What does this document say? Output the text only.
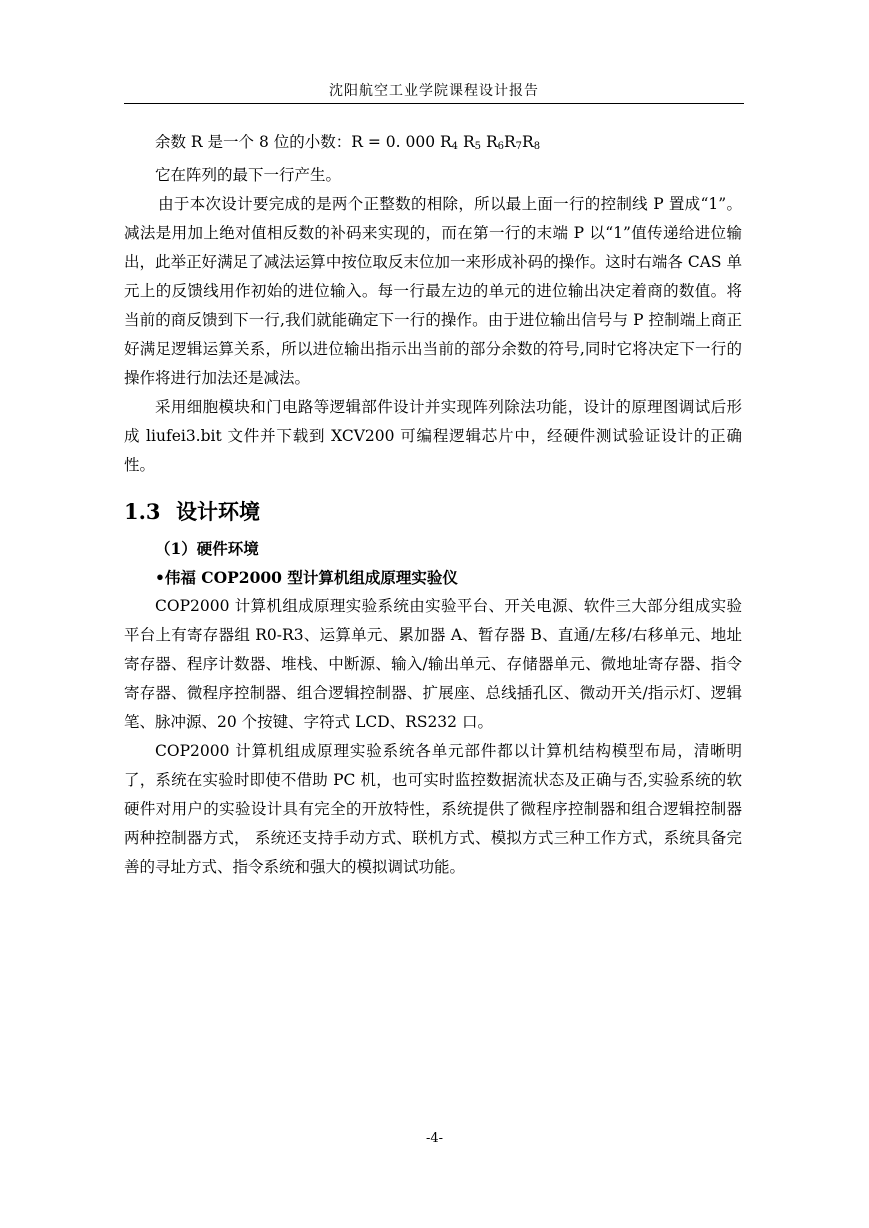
沈阳航空工业学院课程设计报告

余数 R 是一个 8 位的小数：R = 0. 000 $R_4$ $R_5$ $R_6R_7R_8$

它在阵列的最下一行产生。

由于本次设计要完成的是两个正整数的相除，所以最上面一行的控制线 P 置成“1”。减法是用加上绝对值相反数的补码来实现的，而在第一行的末端 P 以“1”值传递给进位输出，此举正好满足了减法运算中按位取反末位加一来形成补码的操作。这时右端各 CAS 单元上的反馈线用作初始的进位输入。每一行最左边的单元的进位输出决定着商的数值。将当前的商反馈到下一行,我们就能确定下一行的操作。由于进位输出信号与 P 控制端上商正好满足逻辑运算关系，所以进位输出指示出当前的部分余数的符号,同时它将决定下一行的操作将进行加法还是减法。

采用细胞模块和门电路等逻辑部件设计并实现阵列除法功能，设计的原理图调试后形成 liufei3.bit 文件并下载到 XCV200 可编程逻辑芯片中，经硬件测试验证设计的正确性。

1.3 设计环境

（1）硬件环境

•伟福 COP2000 型计算机组成原理实验仪

COP2000 计算机组成原理实验系统由实验平台、开关电源、软件三大部分组成实验平台上有寄存器组 R0-R3、运算单元、累加器 A、暂存器 B、直通/左移/右移单元、地址寄存器、程序计数器、堆栈、中断源、输入/输出单元、存储器单元、微地址寄存器、指令寄存器、微程序控制器、组合逻辑控制器、扩展座、总线插孔区、微动开关/指示灯、逻辑笔、脉冲源、20 个按键、字符式 LCD、RS232 口。

COP2000 计算机组成原理实验系统各单元部件都以计算机结构模型布局，清晰明了，系统在实验时即使不借助 PC 机，也可实时监控数据流状态及正确与否,实验系统的软硬件对用户的实验设计具有完全的开放特性，系统提供了微程序控制器和组合逻辑控制器两种控制器方式， 系统还支持手动方式、联机方式、模拟方式三种工作方式，系统具备完善的寻址方式、指令系统和强大的模拟调试功能。

-4-
